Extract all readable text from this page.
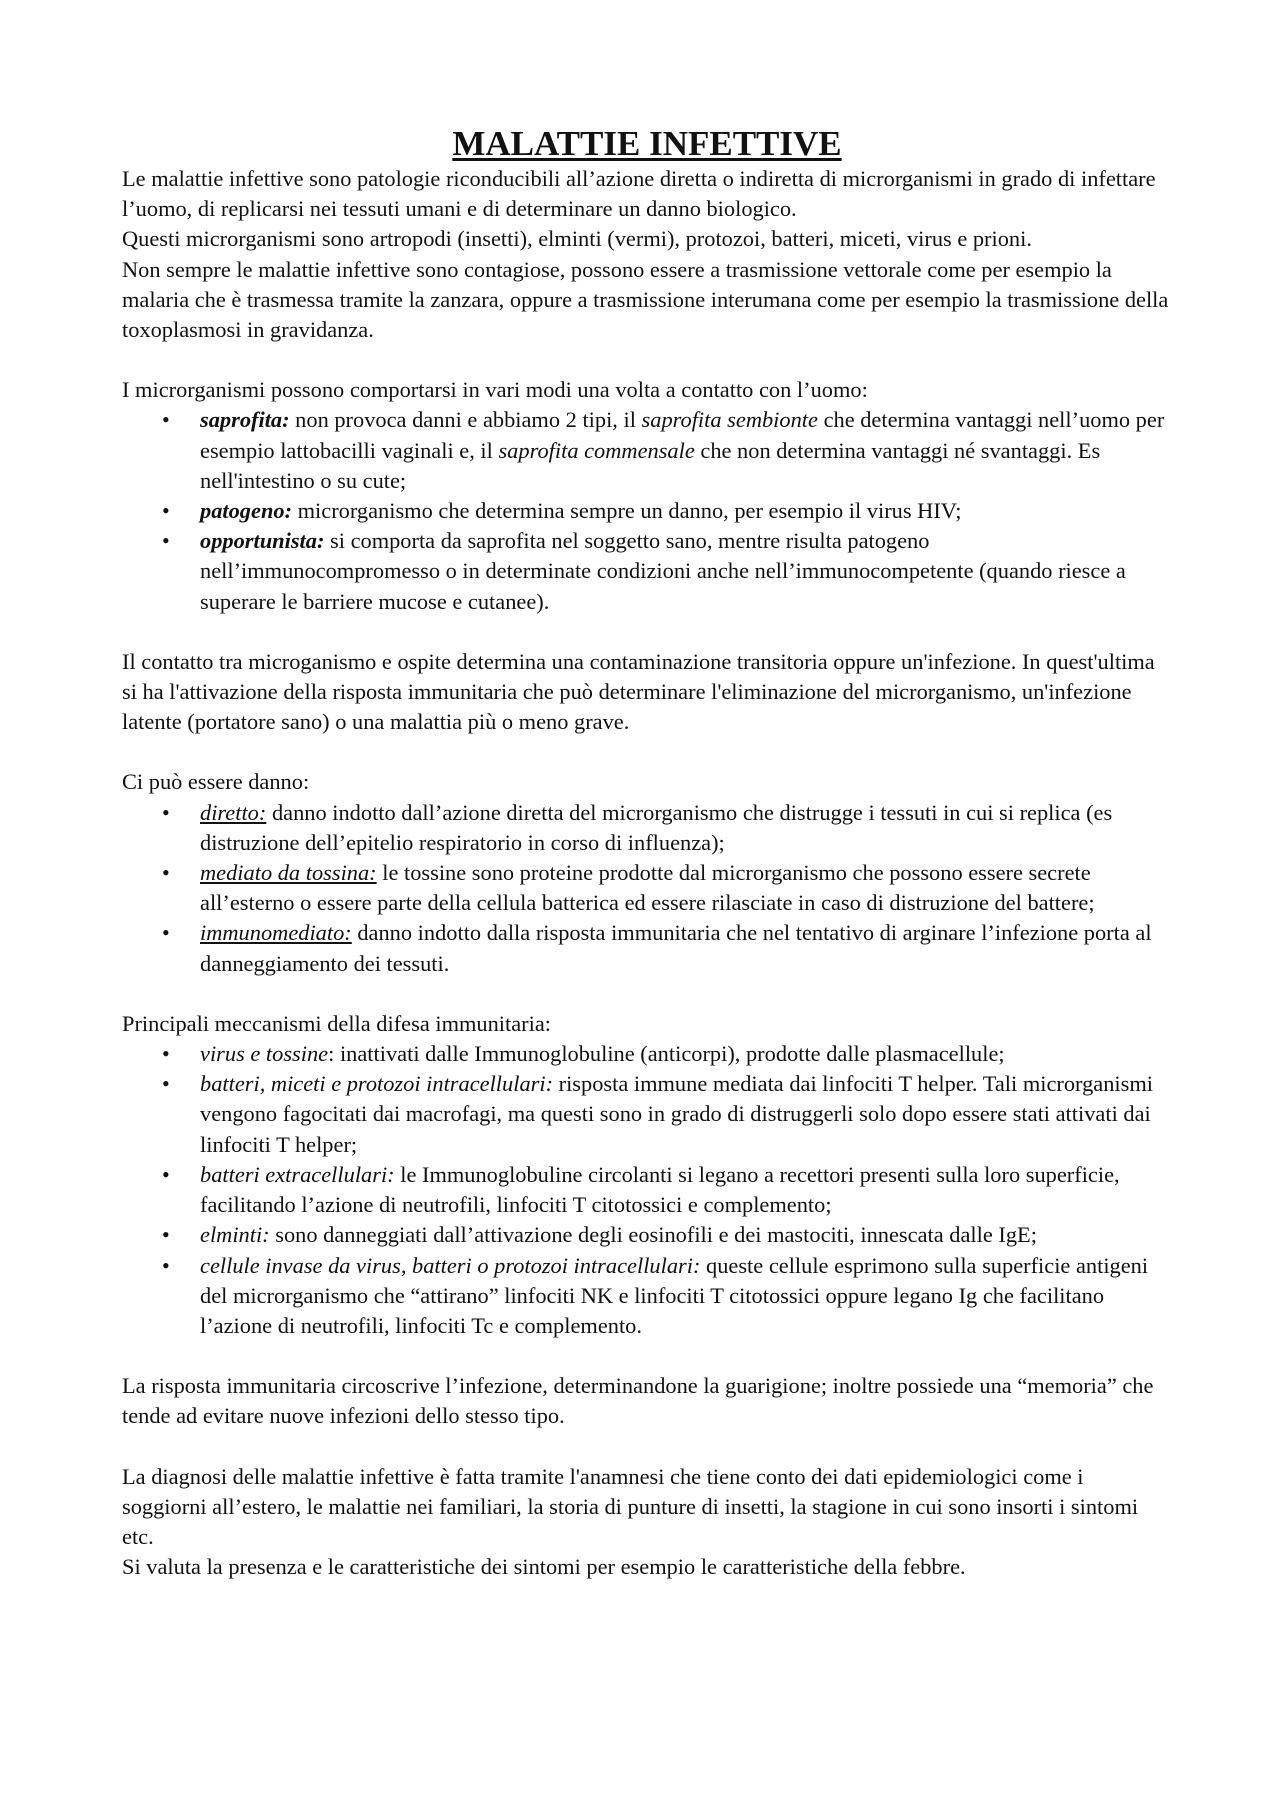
MALATTIE INFETTIVE

Le malattie infettive sono patologie riconducibili all’azione diretta o indiretta di microrganismi in grado di infettare l’uomo, di replicarsi nei tessuti umani e di determinare un danno biologico.

Questi microrganismi sono artropodi (insetti), elminti (vermi), protozoi, batteri, miceti, virus e prioni.

Non sempre le malattie infettive sono contagiose, possono essere a trasmissione vettorale come per esempio la malaria che è trasmessa tramite la zanzara, oppure a trasmissione interumana come per esempio la trasmissione della toxoplasmosi in gravidanza.

I microrganismi possono comportarsi in vari modi una volta a contatto con l’uomo:

• saprofita: non provoca danni e abbiamo 2 tipi, il saprofita sembionte che determina vantaggi nell’uomo per esempio lattobacilli vaginali e, il saprofita commensale che non determina vantaggi né svantaggi. Es nell'intestino o su cute;
• patogeno: microrganismo che determina sempre un danno, per esempio il virus HIV;
• opportunista: si comporta da saprofita nel soggetto sano, mentre risulta patogeno nell’immunocompromesso o in determinate condizioni anche nell’immunocompetente (quando riesce a superare le barriere mucose e cutanee).

Il contatto tra microganismo e ospite determina una contaminazione transitoria oppure un'infezione. In quest'ultima si ha l'attivazione della risposta immunitaria che può determinare l'eliminazione del microrganismo, un'infezione latente (portatore sano) o una malattia più o meno grave.

Ci può essere danno:

• diretto: danno indotto dall’azione diretta del microrganismo che distrugge i tessuti in cui si replica (es distruzione dell’epitelio respiratorio in corso di influenza);
• mediato da tossina: le tossine sono proteine prodotte dal microrganismo che possono essere secrete all’esterno o essere parte della cellula batterica ed essere rilasciate in caso di distruzione del battere;
• immunomediato: danno indotto dalla risposta immunitaria che nel tentativo di arginare l’infezione porta al danneggiamento dei tessuti.

Principali meccanismi della difesa immunitaria:

• virus e tossine: inattivati dalle Immunoglobuline (anticorpi), prodotte dalle plasmacellule;
• batteri, miceti e protozoi intracellulari: risposta immune mediata dai linfociti T helper. Tali microrganismi vengono fagocitati dai macrofagi, ma questi sono in grado di distruggerli solo dopo essere stati attivati dai linfociti T helper;
• batteri extracellulari: le Immunoglobuline circolanti si legano a recettori presenti sulla loro superficie, facilitando l’azione di neutrofili, linfociti T citotossici e complemento;
• elminti: sono danneggiati dall’attivazione degli eosinofili e dei mastociti, innescata dalle IgE;
• cellule invase da virus, batteri o protozoi intracellulari: queste cellule esprimono sulla superficie antigeni del microrganismo che “attirano” linfociti NK e linfociti T citotossici oppure legano Ig che facilitano l’azione di neutrofili, linfociti Tc e complemento.

La risposta immunitaria circoscrive l’infezione, determinandone la guarigione; inoltre possiede una “memoria” che tende ad evitare nuove infezioni dello stesso tipo.

La diagnosi delle malattie infettive è fatta tramite l'anamnesi che tiene conto dei dati epidemiologici come i soggiorni all’estero, le malattie nei familiari, la storia di punture di insetti, la stagione in cui sono insorti i sintomi etc.

Si valuta la presenza e le caratteristiche dei sintomi per esempio le caratteristiche della febbre.
